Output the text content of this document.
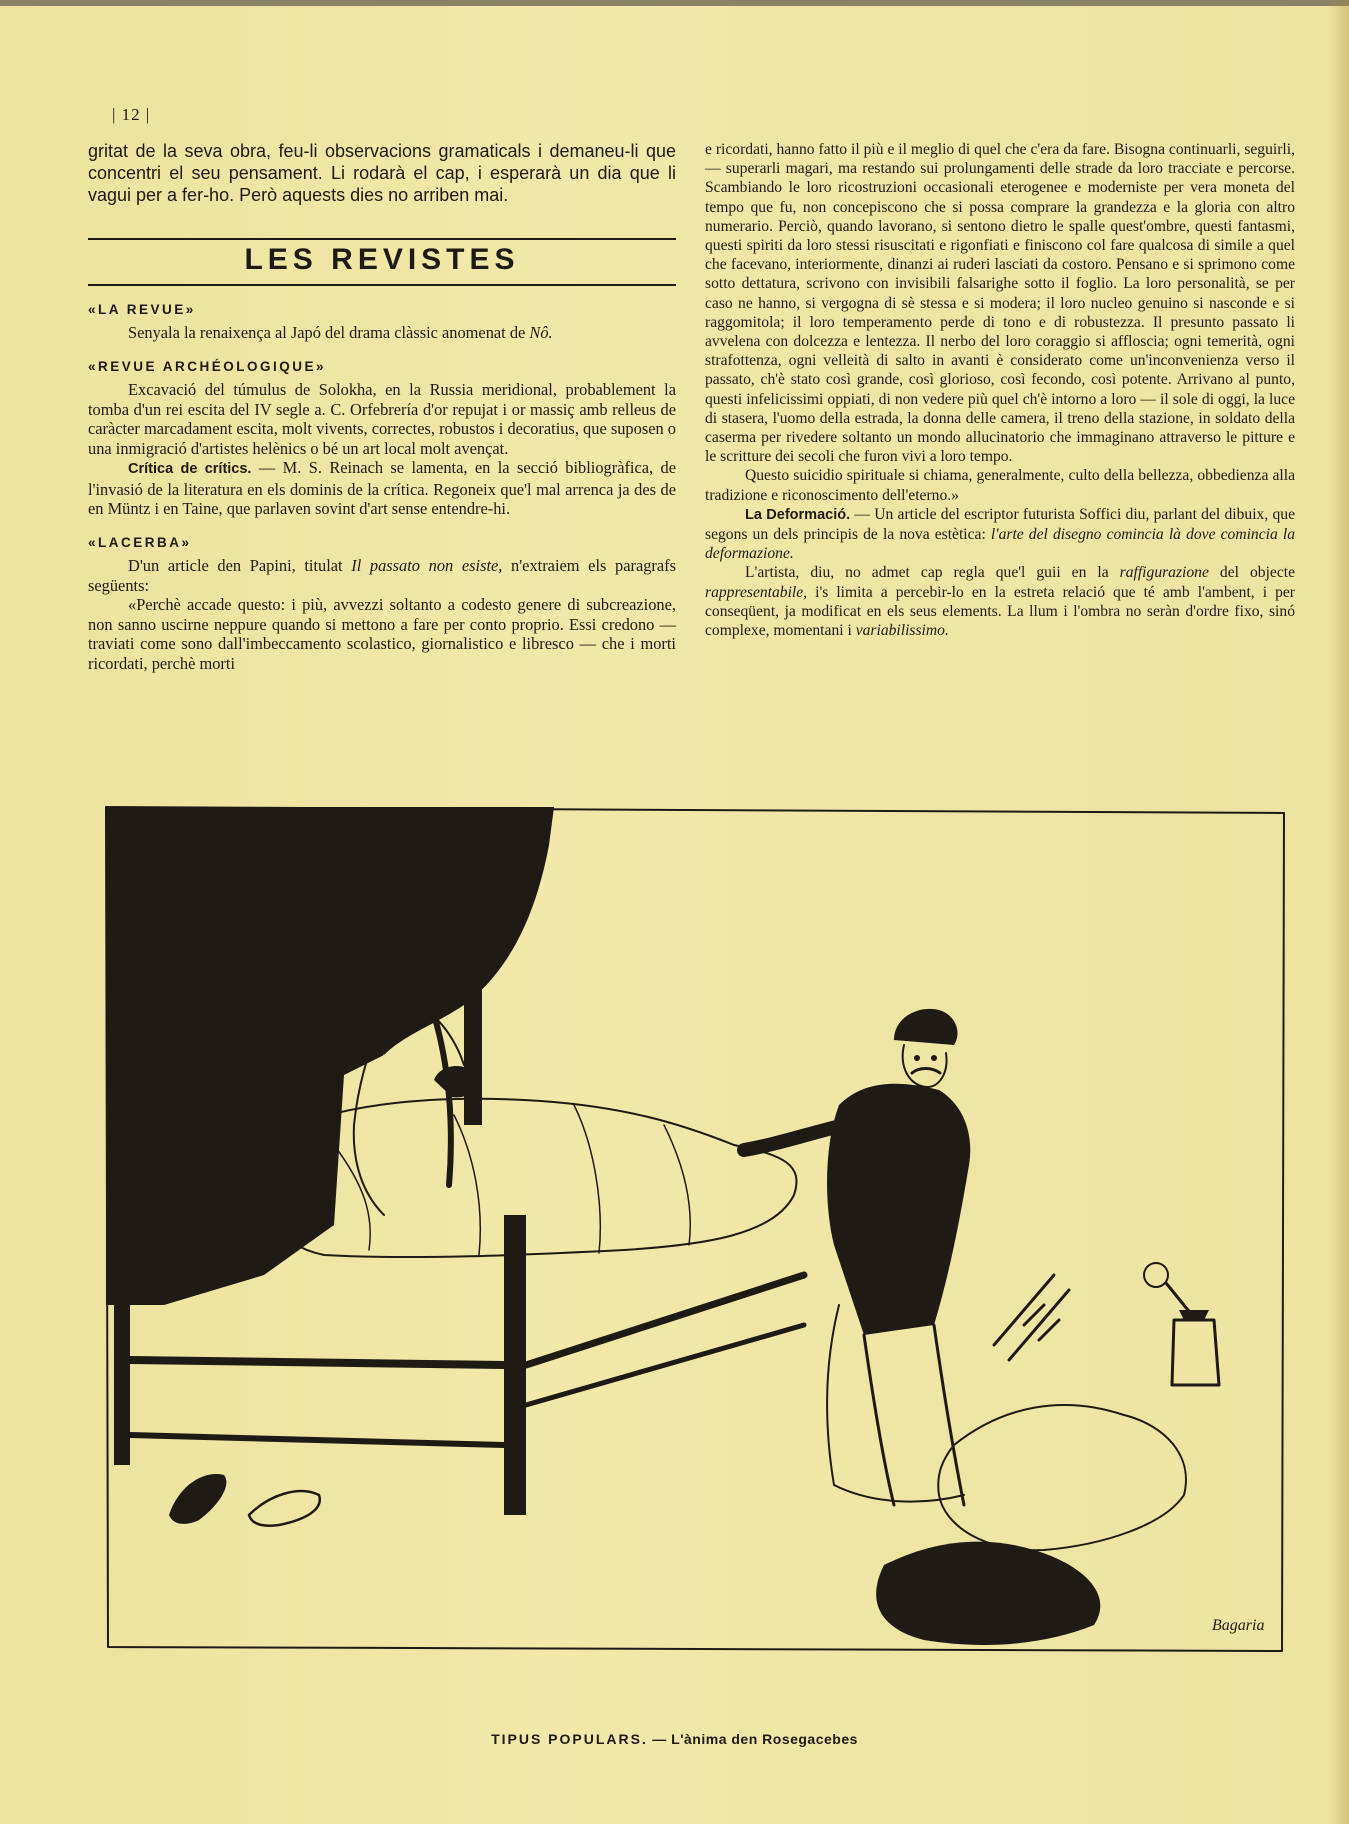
| 12 |

gritat de la seva obra, feu-li observacions gramaticals i demaneu-li que concentri el seu pensament. Li rodarà el cap, i esperarà un dia que li vagui per a fer-ho. Però aquests dies no arriben mai.

LES REVISTES

«LA REVUE»

Senyala la renaixença al Japó del drama clàssic anomenat de Nô.

«REVUE ARCHÉOLOGIQUE»

Excavació del túmulus de Solokha, en la Russia meridional, probablement la tomba d'un rei escita del IV segle a. C. Orfebrería d'or repujat i or massiç amb relleus de caràcter marcadament escita, molt vivents, correctes, robustos i decoratius, que suposen o una inmigració d'artistes helènics o bé un art local molt avençat.

Crítica de crítics. — M. S. Reinach se lamenta, en la secció bibliogràfica, de l'invasió de la literatura en els dominis de la crítica. Regoneix que'l mal arrenca ja des de en Müntz i en Taine, que parlaven sovint d'art sense entendre-hi.

«LACERBA»

D'un article den Papini, titulat Il passato non esiste, n'extraiem els paragrafs següents:

«Perchè accade questo: i più, avvezzi soltanto a codesto genere di subcreazione, non sanno uscirne neppure quando si mettono a fare per conto proprio. Essi credono — traviati come sono dall'imbeccamento scolastico, giornalistico e libresco — che i morti ricordati, perchè morti

e ricordati, hanno fatto il più e il meglio di quel che c'era da fare. Bisogna continuarli, seguirli, — superarli magari, ma restando sui prolungamenti delle strade da loro tracciate e percorse. Scambiando le loro ricostruzioni occasionali eterogenee e moderniste per vera moneta del tempo que fu, non concepiscono che si possa comprare la grandezza e la gloria con altro numerario. Perciò, quando lavorano, si sentono dietro le spalle quest'ombre, questi fantasmi, questi spiriti da loro stessi risuscitati e rigonfiati e finiscono col fare qualcosa di simile a quel che facevano, interiormente, dinanzi ai ruderi lasciati da costoro. Pensano e si sprimono come sotto dettatura, scrivono con invisibili falsarighe sotto il foglio. La loro personalità, se per caso ne hanno, si vergogna di sè stessa e si modera; il loro nucleo genuino si nasconde e si raggomitola; il loro temperamento perde di tono e di robustezza. Il presunto passato li avvelena con dolcezza e lentezza. Il nerbo del loro coraggio si affloscia; ogni temerità, ogni strafottenza, ogni velleità di salto in avanti è considerato come un'inconvenienza verso il passato, ch'è stato così grande, così glorioso, così fecondo, così potente. Arrivano al punto, questi infelicissimi oppiati, di non vedere più quel ch'è intorno a loro — il sole di oggi, la luce di stasera, l'uomo della estrada, la donna delle camera, il treno della stazione, in soldato della caserma per rivedere soltanto un mondo allucinatorio che immaginano attraverso le pitture e le scritture dei secoli che furon vivi a loro tempo.

Questo suicidio spirituale si chiama, generalmente, culto della bellezza, obbedienza alla tradizione e riconoscimento dell'eterno.»

La Deformació. — Un article del escriptor futurista Soffici diu, parlant del dibuix, que segons un dels principis de la nova estètica: l'arte del disegno comincia là dove comincia la deformazione.

L'artista, diu, no admet cap regla que'l guii en la raffigurazione del objecte rappresentabile, i's limita a percebir-lo en la estreta relació que té amb l'ambent, i per conseqüent, ja modificat en els seus elements. La llum i l'ombra no seràn d'ordre fixo, sinó complexe, momentani i variabilissimo.

Bagaria
TIPUS POPULARS. — L'ànima den Rosegacebes
